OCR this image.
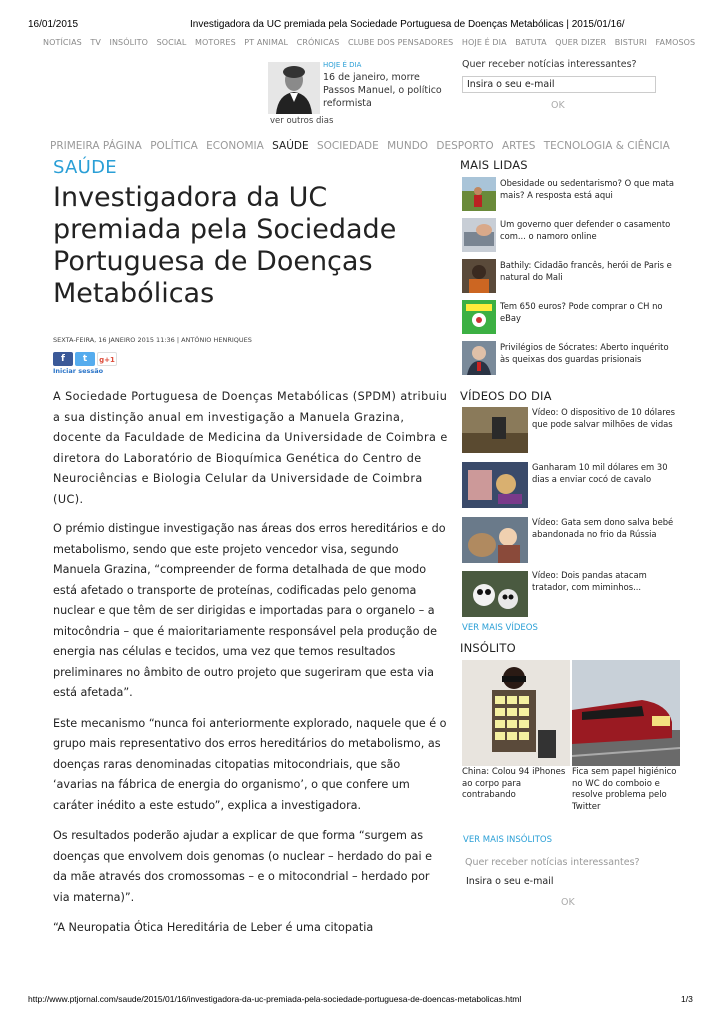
16/01/2015	Investigadora da UC premiada pela Sociedade Portuguesa de Doenças Metabólicas | 2015/01/16/
NOTÍCIAS TV INSÓLITO SOCIAL MOTORES PT ANIMAL CRÓNICAS CLUBE DOS PENSADORES HOJE É DIA BATUTA QUER DIZER BISTURI FAMOSOS
HOJE É DIA
16 de janeiro, morre Passos Manuel, o político reformista
ver outros dias
Quer receber notícias interessantes?
Insira o seu e-mail
OK
PRIMEIRA PÁGINA POLÍTICA ECONOMIA SAÚDE SOCIEDADE MUNDO DESPORTO ARTES TECNOLOGIA & CIÊNCIA
SAÚDE
Investigadora da UC premiada pela Sociedade Portuguesa de Doenças Metabólicas
SEXTA-FEIRA, 16 JANEIRO 2015 11:36 | ANTÓNIO HENRIQUES
f	t	g+1
Iniciar sessão

A Sociedade Portuguesa de Doenças Metabólicas (SPDM) atribuiu a sua distinção anual em investigação a Manuela Grazina, docente da Faculdade de Medicina da Universidade de Coimbra e diretora do Laboratório de Bioquímica Genética do Centro de Neurociências e Biologia Celular da Universidade de Coimbra (UC).

O prémio distingue investigação nas áreas dos erros hereditários e do metabolismo, sendo que este projeto vencedor visa, segundo Manuela Grazina, “compreender de forma detalhada de que modo está afetado o transporte de proteínas, codificadas pelo genoma nuclear e que têm de ser dirigidas e importadas para o organelo – a mitocôndria – que é maioritariamente responsável pela produção de energia nas células e tecidos, uma vez que temos resultados preliminares no âmbito de outro projeto que sugeriram que esta via está afetada”.

Este mecanismo “nunca foi anteriormente explorado, naquele que é o grupo mais representativo dos erros hereditários do metabolismo, as doenças raras denominadas citopatias mitocondriais, que são ‘avarias na fábrica de energia do organismo’, o que confere um caráter inédito a este estudo”, explica a investigadora.

Os resultados poderão ajudar a explicar de que forma “surgem as doenças que envolvem dois genomas (o nuclear – herdado do pai e da mãe através dos cromossomas – e o mitocondrial – herdado por via materna)”.

“A Neuropatia Ótica Hereditária de Leber é uma citopatia

MAIS LIDAS
Obesidade ou sedentarismo? O que mata mais? A resposta está aqui
Um governo quer defender o casamento com... o namoro online
Bathily: Cidadão francês, herói de Paris e natural do Mali
Tem 650 euros? Pode comprar o CH no eBay
Privilégios de Sócrates: Aberto inquérito às queixas dos guardas prisionais
VÍDEOS DO DIA
Vídeo: O dispositivo de 10 dólares que pode salvar milhões de vidas
Ganharam 10 mil dólares em 30 dias a enviar cocó de cavalo
Vídeo: Gata sem dono salva bebé abandonada no frio da Rússia
Vídeo: Dois pandas atacam tratador, com miminhos...
VER MAIS VÍDEOS
INSÓLITO
China: Colou 94 iPhones ao corpo para contrabando
Fica sem papel higiénico no WC do comboio e resolve problema pelo Twitter
VER MAIS INSÓLITOS
Quer receber notícias interessantes?
Insira o seu e-mail
OK
http://www.ptjornal.com/saude/2015/01/16/investigadora-da-uc-premiada-pela-sociedade-portuguesa-de-doencas-metabolicas.html	1/3
